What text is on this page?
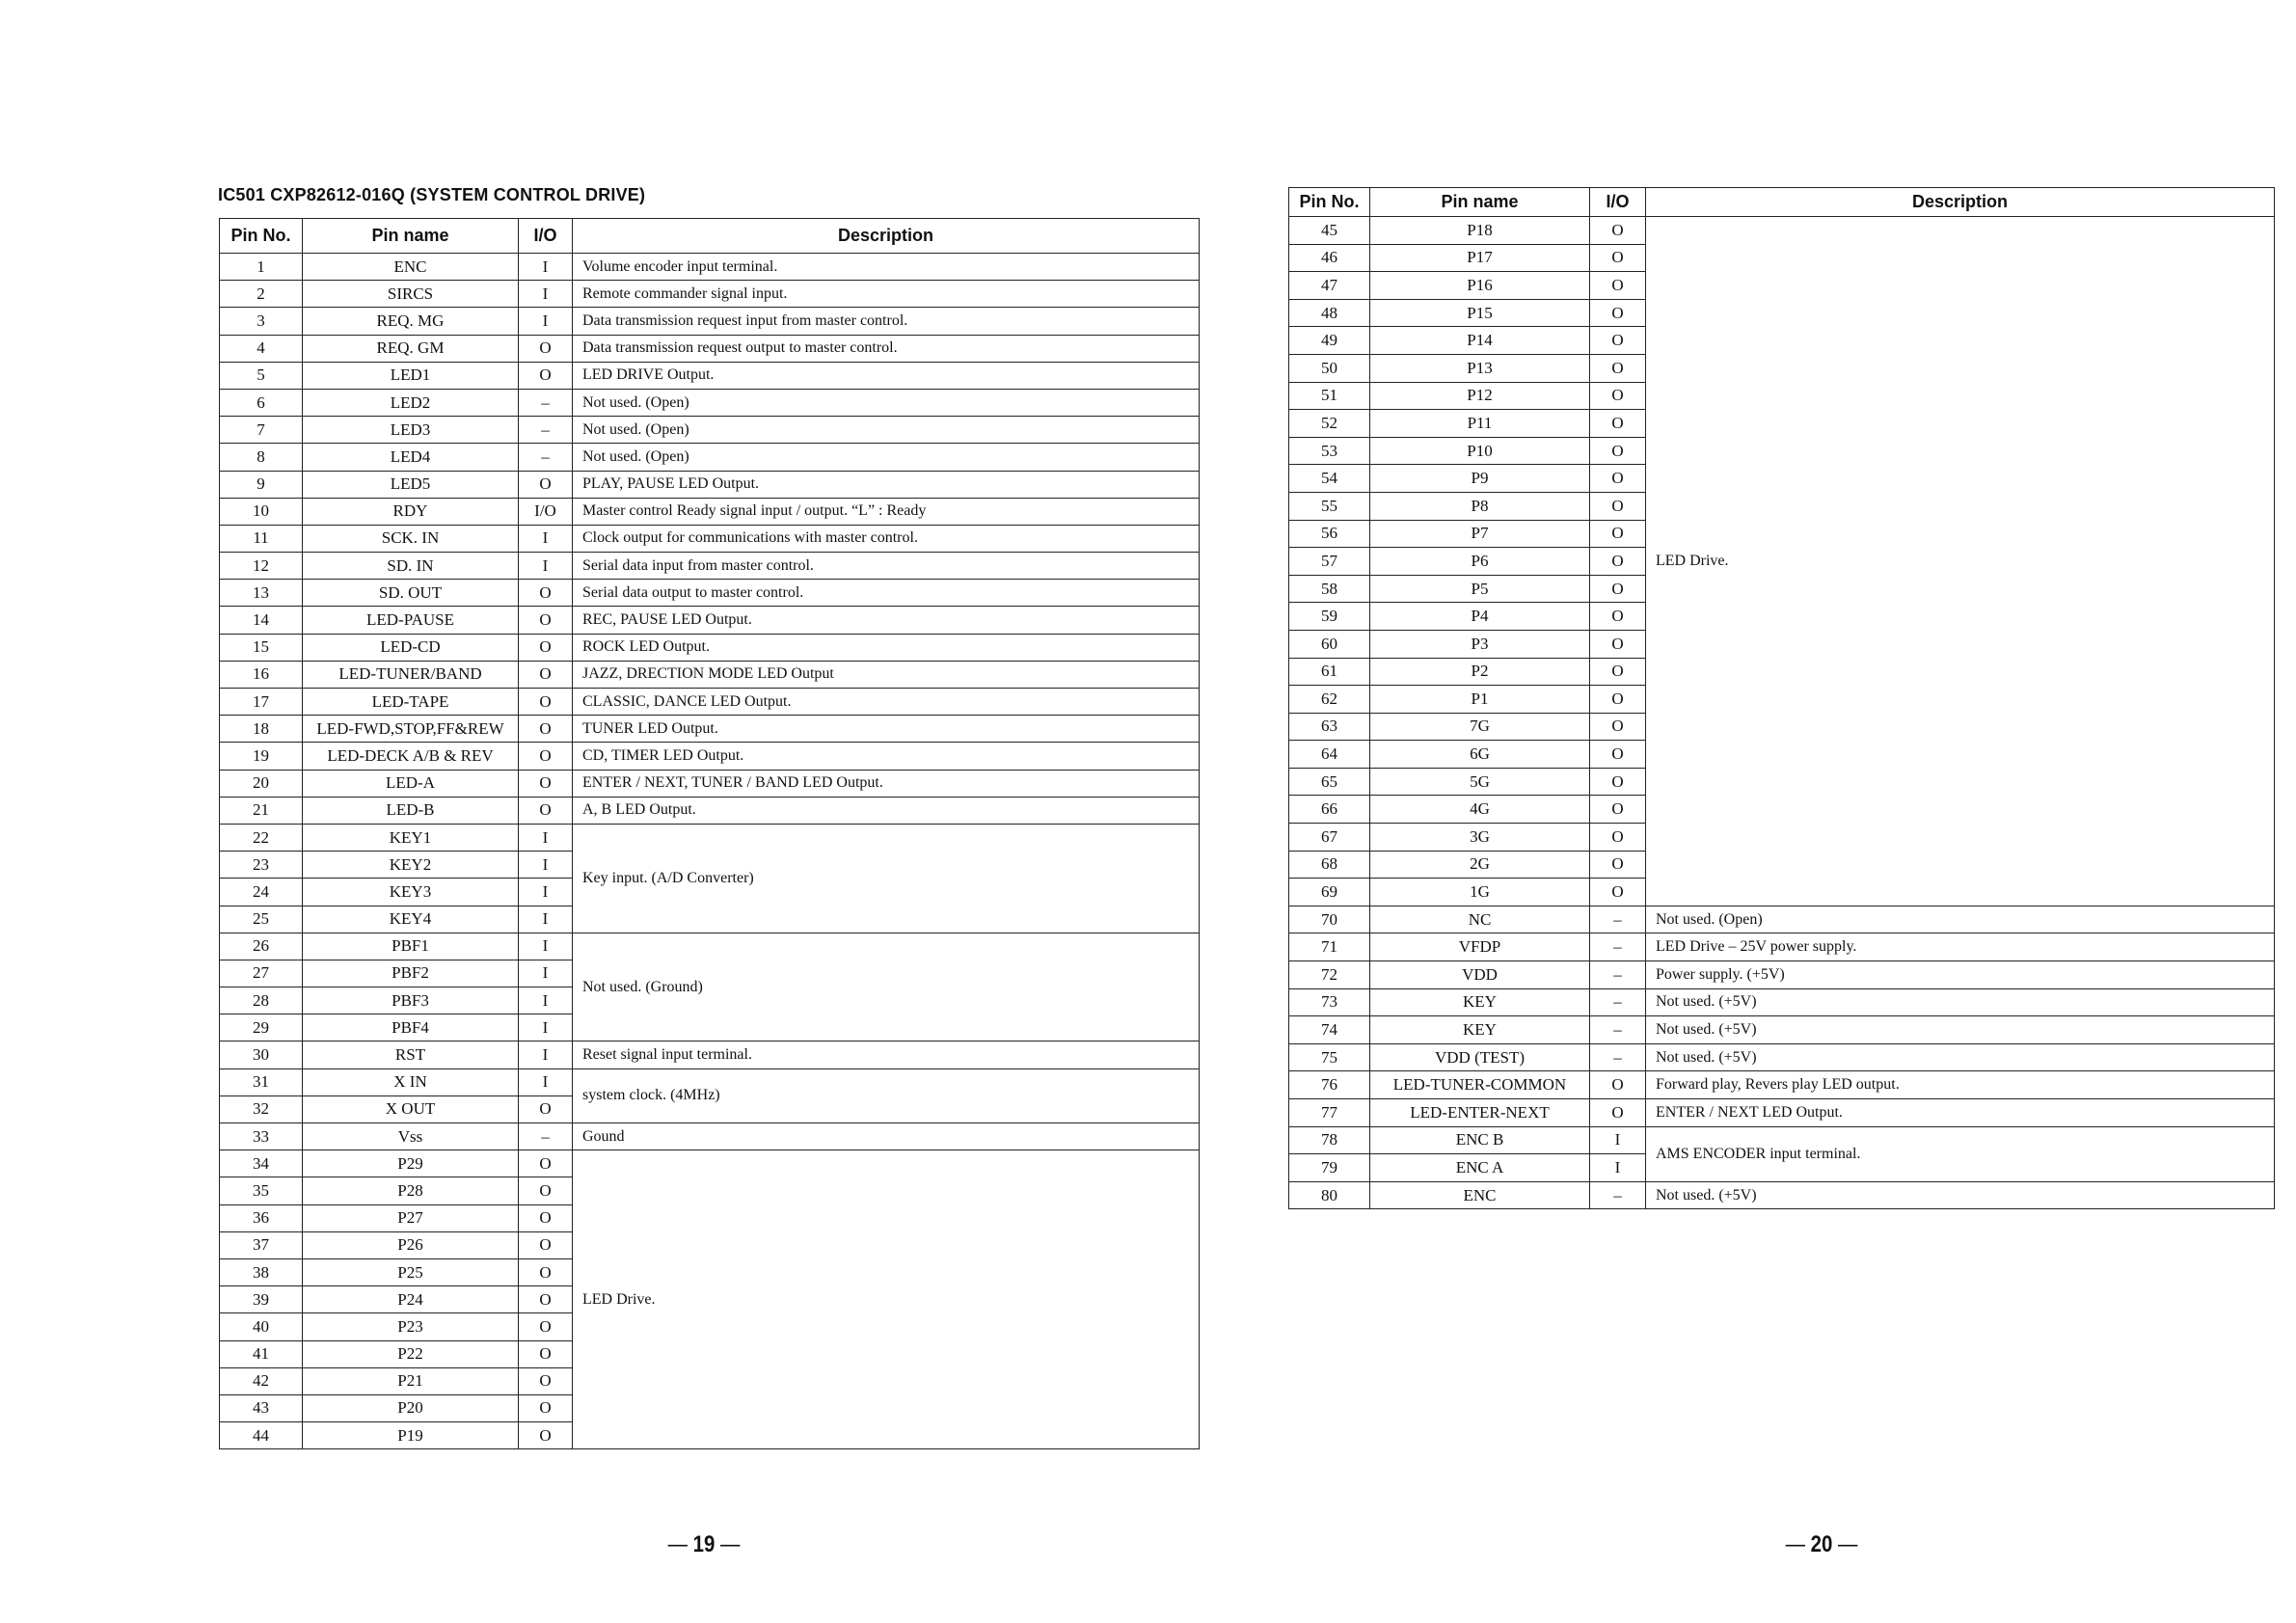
IC501 CXP82612-016Q (SYSTEM CONTROL DRIVE)
Pin No.	Pin name	I/O	Description
1	ENC	I	Volume encoder input terminal.
2	SIRCS	I	Remote commander signal input.
3	REQ. MG	I	Data transmission request input from master control.
4	REQ. GM	O	Data transmission request output to master control.
5	LED1	O	LED DRIVE Output.
6	LED2	–	Not used. (Open)
7	LED3	–	Not used. (Open)
8	LED4	–	Not used. (Open)
9	LED5	O	PLAY, PAUSE LED Output.
10	RDY	I/O	Master control Ready signal input / output. “L” : Ready
11	SCK. IN	I	Clock output for communications with master control.
12	SD. IN	I	Serial data input from master control.
13	SD. OUT	O	Serial data output to master control.
14	LED-PAUSE	O	REC, PAUSE LED Output.
15	LED-CD	O	ROCK LED Output.
16	LED-TUNER/BAND	O	JAZZ, DRECTION MODE LED Output
17	LED-TAPE	O	CLASSIC, DANCE LED Output.
18	LED-FWD,STOP,FF&REW	O	TUNER LED Output.
19	LED-DECK A/B & REV	O	CD, TIMER LED Output.
20	LED-A	O	ENTER / NEXT, TUNER / BAND LED Output.
21	LED-B	O	A, B LED Output.
22	KEY1	I	Key input. (A/D Converter)
23	KEY2	I	
24	KEY3	I	
25	KEY4	I	
26	PBF1	I	Not used. (Ground)
27	PBF2	I	
28	PBF3	I	
29	PBF4	I	
30	RST	I	Reset signal input terminal.
31	X IN	I	system clock. (4MHz)
32	X OUT	O	
33	Vss	–	Gound
34	P29	O	LED Drive.
35	P28	O	
36	P27	O	
37	P26	O	
38	P25	O	
39	P24	O	
40	P23	O	
41	P22	O	
42	P21	O	
43	P20	O	
44	P19	O	
Pin No.	Pin name	I/O	Description
45	P18	O	LED Drive.
46	P17	O	
47	P16	O	
48	P15	O	
49	P14	O	
50	P13	O	
51	P12	O	
52	P11	O	
53	P10	O	
54	P9	O	
55	P8	O	
56	P7	O	
57	P6	O	
58	P5	O	
59	P4	O	
60	P3	O	
61	P2	O	
62	P1	O	
63	7G	O	
64	6G	O	
65	5G	O	
66	4G	O	
67	3G	O	
68	2G	O	
69	1G	O	
70	NC	–	Not used. (Open)
71	VFDP	–	LED Drive – 25V power supply.
72	VDD	–	Power supply. (+5V)
73	KEY	–	Not used. (+5V)
74	KEY	–	Not used. (+5V)
75	VDD (TEST)	–	Not used. (+5V)
76	LED-TUNER-COMMON	O	Forward play, Revers play LED output.
77	LED-ENTER-NEXT	O	ENTER / NEXT LED Output.
78	ENC B	I	AMS ENCODER input terminal.
79	ENC A	I	
80	ENC	–	Not used. (+5V)
— 19 —	— 20 —
